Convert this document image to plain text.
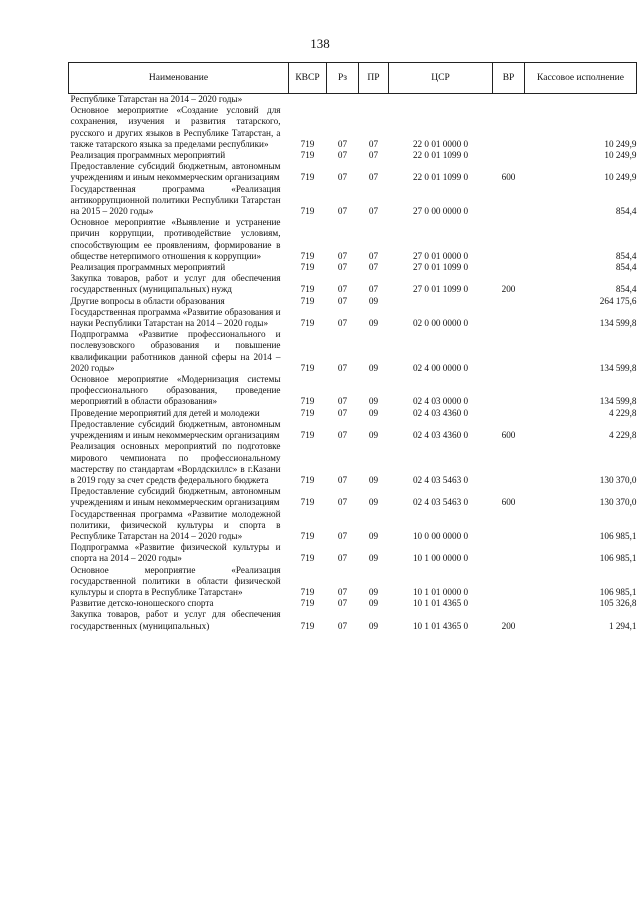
138
Наименование	КВСР	Рз	ПР	ЦСР	ВР	Кассовое исполнение
Республике Татарстан на 2014 – 2020 годы»						
Основное мероприятие «Создание условий для сохранения, изучения и развития татарского, русского и других языков в Республике Татарстан, а также татарского языка за пределами республики»	719	07	07	22 0 01 0000 0		10 249,9
Реализация программных мероприятий	719	07	07	22 0 01 1099 0		10 249,9
Предоставление субсидий бюджетным, автономным учреждениям и иным некоммерческим организациям	719	07	07	22 0 01 1099 0	600	10 249,9
Государственная программа «Реализация антикоррупционной политики Республики Татарстан на 2015 – 2020 годы»	719	07	07	27 0 00 0000 0		854,4
Основное мероприятие «Выявление и устранение причин коррупции, противодействие условиям, способствующим ее проявлениям, формирование в обществе нетерпимого отношения к коррупции»	719	07	07	27 0 01 0000 0		854,4
Реализация программных мероприятий	719	07	07	27 0 01 1099 0		854,4
Закупка товаров, работ и услуг для обеспечения государственных (муниципальных) нужд	719	07	07	27 0 01 1099 0	200	854,4
Другие вопросы в области образования	719	07	09			264 175,6
Государственная программа «Развитие образования и науки Республики Татарстан на 2014 – 2020 годы»	719	07	09	02 0 00 0000 0		134 599,8
Подпрограмма «Развитие профессионального и послевузовского образования и повышение квалификации работников данной сферы на 2014 – 2020 годы»	719	07	09	02 4 00 0000 0		134 599,8
Основное мероприятие «Модернизация системы профессионального образования, проведение мероприятий в области образования»	719	07	09	02 4 03 0000 0		134 599,8
Проведение мероприятий для детей и молодежи	719	07	09	02 4 03 4360 0		4 229,8
Предоставление субсидий бюджетным, автономным учреждениям и иным некоммерческим организациям	719	07	09	02 4 03 4360 0	600	4 229,8
Реализация основных мероприятий по подготовке мирового чемпионата по профессиональному мастерству по стандартам «Ворлдскиллс» в г.Казани в 2019 году за счет средств федерального бюджета	719	07	09	02 4 03 5463 0		130 370,0
Предоставление субсидий бюджетным, автономным учреждениям и иным некоммерческим организациям	719	07	09	02 4 03 5463 0	600	130 370,0
Государственная программа «Развитие молодежной политики, физической культуры и спорта в Республике Татарстан на 2014 – 2020 годы»	719	07	09	10 0 00 0000 0		106 985,1
Подпрограмма «Развитие физической культуры и спорта на 2014 – 2020 годы»	719	07	09	10 1 00 0000 0		106 985,1
Основное мероприятие «Реализация государственной политики в области физической культуры и спорта в Республике Татарстан»	719	07	09	10 1 01 0000 0		106 985,1
Развитие детско-юношеского спорта	719	07	09	10 1 01 4365 0		105 326,8
Закупка товаров, работ и услуг для обеспечения государственных (муниципальных)	719	07	09	10 1 01 4365 0	200	1 294,1
